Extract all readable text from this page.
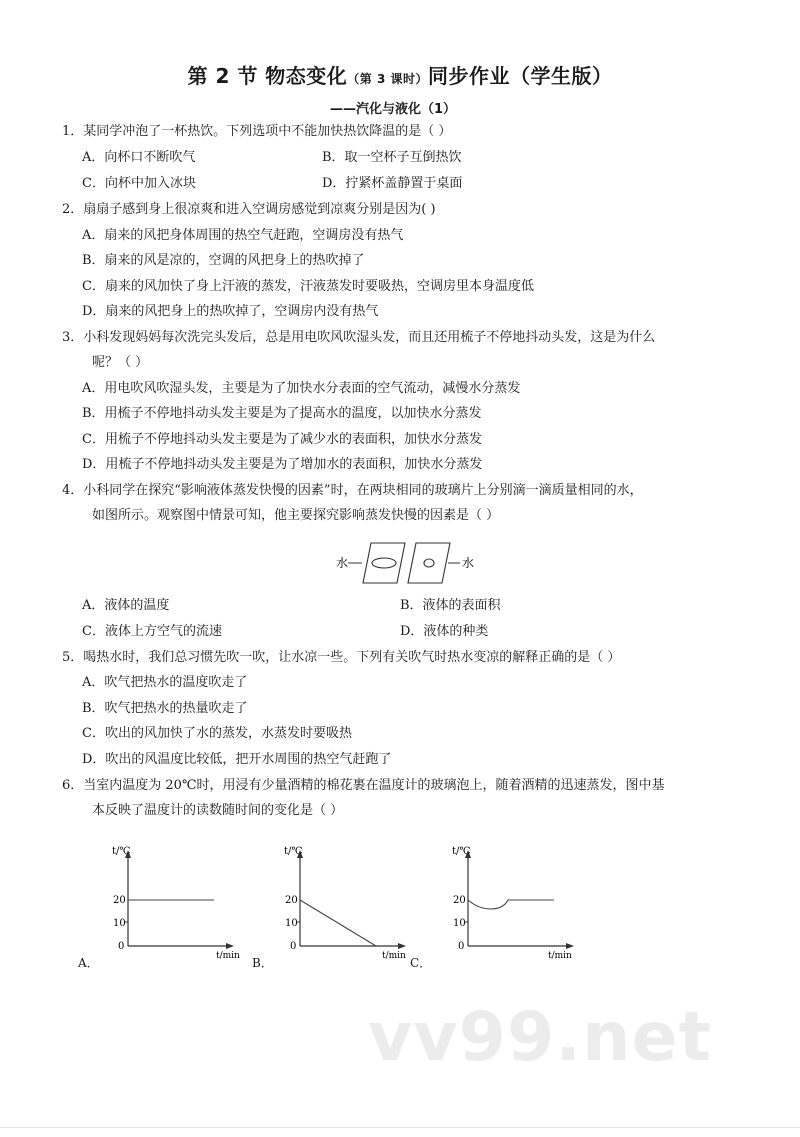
第 2 节 物态变化（第 3 课时）同步作业（学生版）
——汽化与液化（1）
1．某同学冲泡了一杯热饮。下列选项中不能加快热饮降温的是（ ）
A．向杯口不断吹气	B．取一空杯子互倒热饮
C．向杯中加入冰块	D．拧紧杯盖静置于桌面
2．扇扇子感到身上很凉爽和进入空调房感觉到凉爽分别是因为( )
A．扇来的风把身体周围的热空气赶跑，空调房没有热气
B．扇来的风是凉的，空调的风把身上的热吹掉了
C．扇来的风加快了身上汗液的蒸发，汗液蒸发时要吸热，空调房里本身温度低
D．扇来的风把身上的热吹掉了，空调房内没有热气
3．小科发现妈妈每次洗完头发后，总是用电吹风吹湿头发，而且还用梳子不停地抖动头发，这是为什么
呢？（ ）
A．用电吹风吹湿头发，主要是为了加快水分表面的空气流动，减慢水分蒸发
B．用梳子不停地抖动头发主要是为了提高水的温度，以加快水分蒸发
C．用梳子不停地抖动头发主要是为了减少水的表面积，加快水分蒸发
D．用梳子不停地抖动头发主要是为了增加水的表面积，加快水分蒸发
4．小科同学在探究“影响液体蒸发快慢的因素”时，在两块相同的玻璃片上分别滴一滴质量相同的水，
如图所示。观察图中情景可知，他主要探究影响蒸发快慢的因素是（ ）
水	水
A．液体的温度	B．液体的表面积
C．液体上方空气的流速	D．液体的种类
5．喝热水时，我们总习惯先吹一吹，让水凉一些。下列有关吹气时热水变凉的解释正确的是（ ）
A．吹气把热水的温度吹走了
B．吹气把热水的热量吹走了
C．吹出的风加快了水的蒸发，水蒸发时要吸热
D．吹出的风温度比较低，把开水周围的热空气赶跑了
6．当室内温度为 20℃时，用浸有少量酒精的棉花裹在温度计的玻璃泡上，随着酒精的迅速蒸发，图中基
本反映了温度计的读数随时间的变化是（ ）
t/℃
t/min
20
10
0
A．
t/℃
t/min
20
10
0
B．
t/℃
t/min
20
10
0
C．
vv99.net
